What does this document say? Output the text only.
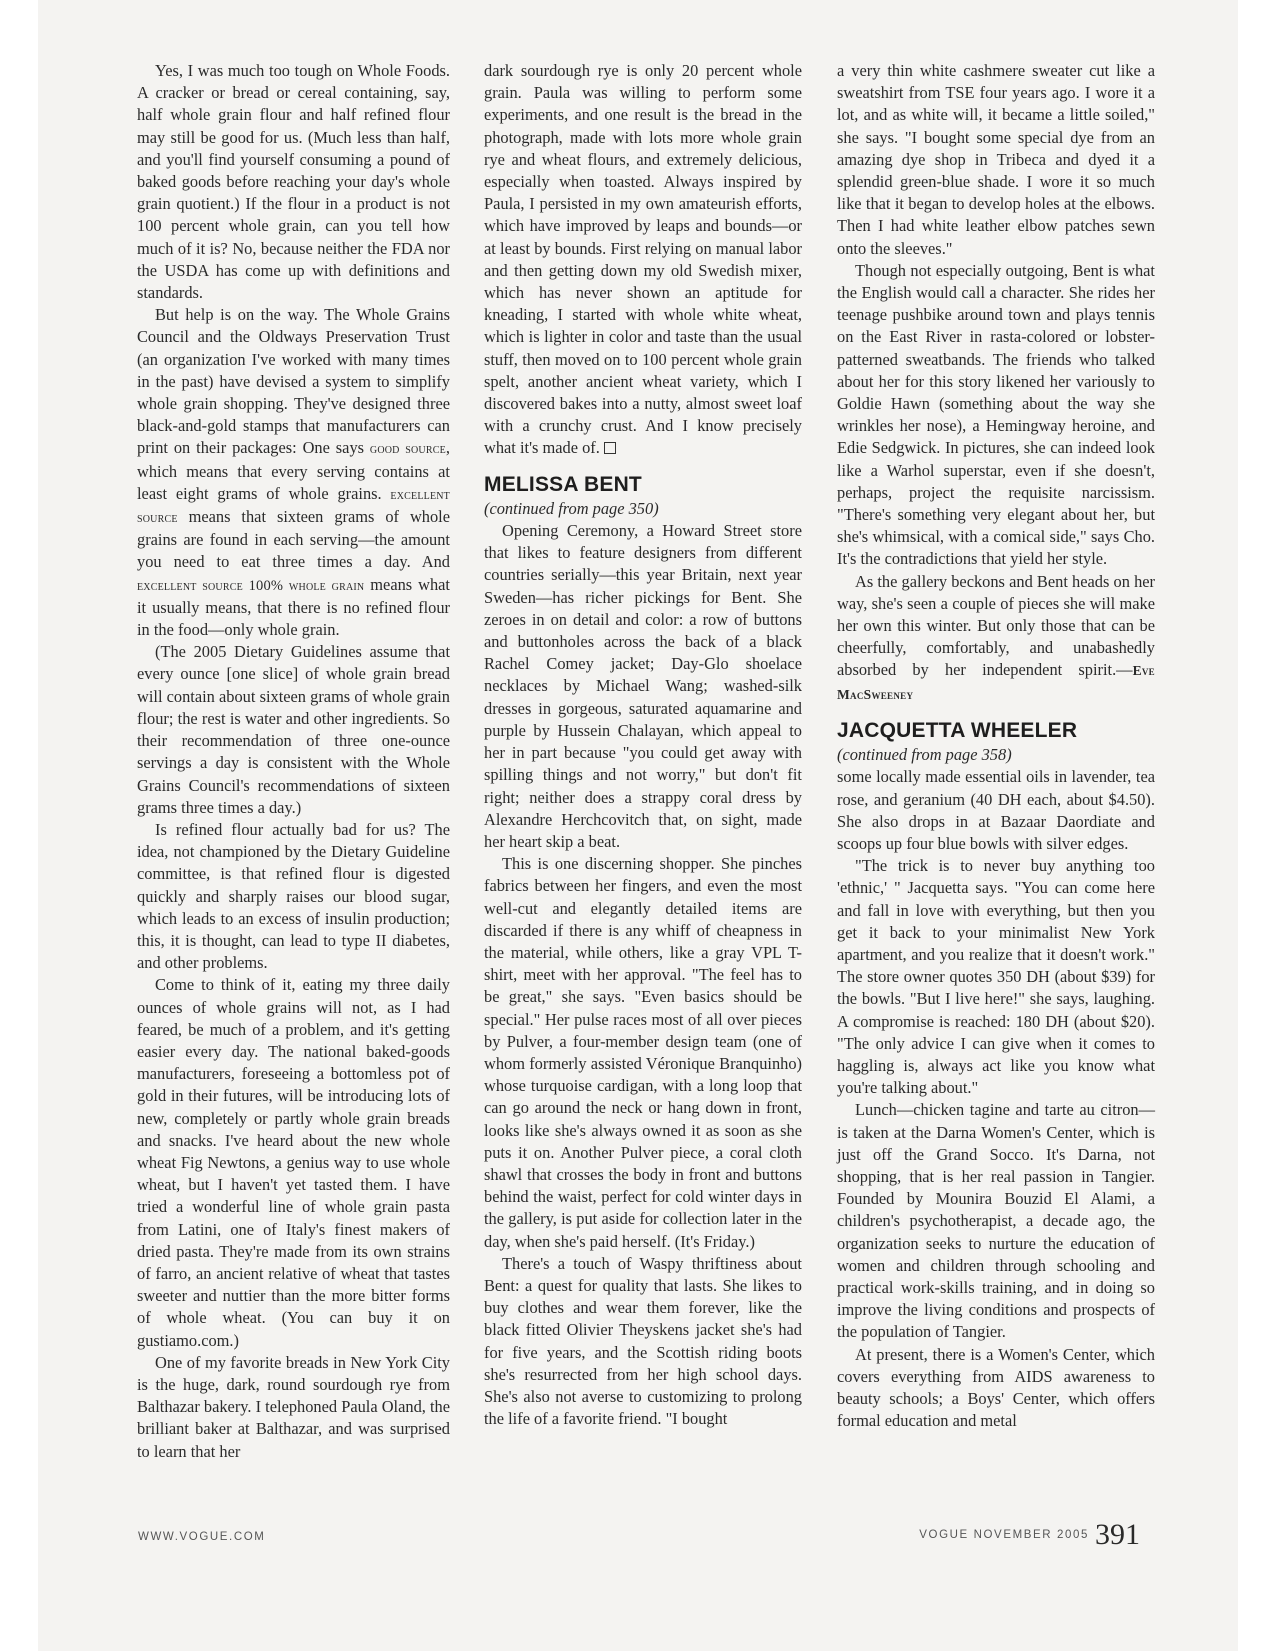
Yes, I was much too tough on Whole Foods. A cracker or bread or cereal containing, say, half whole grain flour and half refined flour may still be good for us. (Much less than half, and you'll find yourself consuming a pound of baked goods before reaching your day's whole grain quotient.) If the flour in a product is not 100 percent whole grain, can you tell how much of it is? No, because neither the FDA nor the USDA has come up with definitions and standards.

But help is on the way. The Whole Grains Council and the Oldways Preservation Trust (an organization I've worked with many times in the past) have devised a system to simplify whole grain shopping. They've designed three black-and-gold stamps that manufacturers can print on their packages: One says good source, which means that every serving contains at least eight grams of whole grains. excellent source means that sixteen grams of whole grains are found in each serving—the amount you need to eat three times a day. And excellent source 100% whole grain means what it usually means, that there is no refined flour in the food—only whole grain.

(The 2005 Dietary Guidelines assume that every ounce [one slice] of whole grain bread will contain about sixteen grams of whole grain flour; the rest is water and other ingredients. So their recommendation of three one-ounce servings a day is consistent with the Whole Grains Council's recommendations of sixteen grams three times a day.)

Is refined flour actually bad for us? The idea, not championed by the Dietary Guideline committee, is that refined flour is digested quickly and sharply raises our blood sugar, which leads to an excess of insulin production; this, it is thought, can lead to type II diabetes, and other problems.

Come to think of it, eating my three daily ounces of whole grains will not, as I had feared, be much of a problem, and it's getting easier every day. The national baked-goods manufacturers, foreseeing a bottomless pot of gold in their futures, will be introducing lots of new, completely or partly whole grain breads and snacks. I've heard about the new whole wheat Fig Newtons, a genius way to use whole wheat, but I haven't yet tasted them. I have tried a wonderful line of whole grain pasta from Latini, one of Italy's finest makers of dried pasta. They're made from its own strains of farro, an ancient relative of wheat that tastes sweeter and nuttier than the more bitter forms of whole wheat. (You can buy it on gustiamo.com.)

One of my favorite breads in New York City is the huge, dark, round sourdough rye from Balthazar bakery. I telephoned Paula Oland, the brilliant baker at Balthazar, and was surprised to learn that her

dark sourdough rye is only 20 percent whole grain. Paula was willing to perform some experiments, and one result is the bread in the photograph, made with lots more whole grain rye and wheat flours, and extremely delicious, especially when toasted. Always inspired by Paula, I persisted in my own amateurish efforts, which have improved by leaps and bounds—or at least by bounds. First relying on manual labor and then getting down my old Swedish mixer, which has never shown an aptitude for kneading, I started with whole white wheat, which is lighter in color and taste than the usual stuff, then moved on to 100 percent whole grain spelt, another ancient wheat variety, which I discovered bakes into a nutty, almost sweet loaf with a crunchy crust. And I know precisely what it's made of.

MELISSA BENT

(continued from page 350)

Opening Ceremony, a Howard Street store that likes to feature designers from different countries serially—this year Britain, next year Sweden—has richer pickings for Bent. She zeroes in on detail and color: a row of buttons and buttonholes across the back of a black Rachel Comey jacket; Day-Glo shoelace necklaces by Michael Wang; washed-silk dresses in gorgeous, saturated aquamarine and purple by Hussein Chalayan, which appeal to her in part because "you could get away with spilling things and not worry," but don't fit right; neither does a strappy coral dress by Alexandre Herchcovitch that, on sight, made her heart skip a beat.

This is one discerning shopper. She pinches fabrics between her fingers, and even the most well-cut and elegantly detailed items are discarded if there is any whiff of cheapness in the material, while others, like a gray VPL T-shirt, meet with her approval. "The feel has to be great," she says. "Even basics should be special." Her pulse races most of all over pieces by Pulver, a four-member design team (one of whom formerly assisted Véronique Branquinho) whose turquoise cardigan, with a long loop that can go around the neck or hang down in front, looks like she's always owned it as soon as she puts it on. Another Pulver piece, a coral cloth shawl that crosses the body in front and buttons behind the waist, perfect for cold winter days in the gallery, is put aside for collection later in the day, when she's paid herself. (It's Friday.)

There's a touch of Waspy thriftiness about Bent: a quest for quality that lasts. She likes to buy clothes and wear them forever, like the black fitted Olivier Theyskens jacket she's had for five years, and the Scottish riding boots she's resurrected from her high school days. She's also not averse to customizing to prolong the life of a favorite friend. "I bought

a very thin white cashmere sweater cut like a sweatshirt from TSE four years ago. I wore it a lot, and as white will, it became a little soiled," she says. "I bought some special dye from an amazing dye shop in Tribeca and dyed it a splendid green-blue shade. I wore it so much like that it began to develop holes at the elbows. Then I had white leather elbow patches sewn onto the sleeves."

Though not especially outgoing, Bent is what the English would call a character. She rides her teenage pushbike around town and plays tennis on the East River in rasta-colored or lobster-patterned sweatbands. The friends who talked about her for this story likened her variously to Goldie Hawn (something about the way she wrinkles her nose), a Hemingway heroine, and Edie Sedgwick. In pictures, she can indeed look like a Warhol superstar, even if she doesn't, perhaps, project the requisite narcissism. "There's something very elegant about her, but she's whimsical, with a comical side," says Cho. It's the contradictions that yield her style.

As the gallery beckons and Bent heads on her way, she's seen a couple of pieces she will make her own this winter. But only those that can be cheerfully, comfortably, and unabashedly absorbed by her independent spirit.—Eve MacSweeney

JACQUETTA WHEELER

(continued from page 358)

some locally made essential oils in lavender, tea rose, and geranium (40 DH each, about $4.50). She also drops in at Bazaar Daordiate and scoops up four blue bowls with silver edges.

"The trick is to never buy anything too 'ethnic,' " Jacquetta says. "You can come here and fall in love with everything, but then you get it back to your minimalist New York apartment, and you realize that it doesn't work." The store owner quotes 350 DH (about $39) for the bowls. "But I live here!" she says, laughing. A compromise is reached: 180 DH (about $20). "The only advice I can give when it comes to haggling is, always act like you know what you're talking about."

Lunch—chicken tagine and tarte au citron—is taken at the Darna Women's Center, which is just off the Grand Socco. It's Darna, not shopping, that is her real passion in Tangier. Founded by Mounira Bouzid El Alami, a children's psychotherapist, a decade ago, the organization seeks to nurture the education of women and children through schooling and practical work-skills training, and in doing so improve the living conditions and prospects of the population of Tangier.

At present, there is a Women's Center, which covers everything from AIDS awareness to beauty schools; a Boys' Center, which offers formal education and metal

WWW.VOGUE.COM	$^{VOGUE NOVEMBER 2005}$ 391
